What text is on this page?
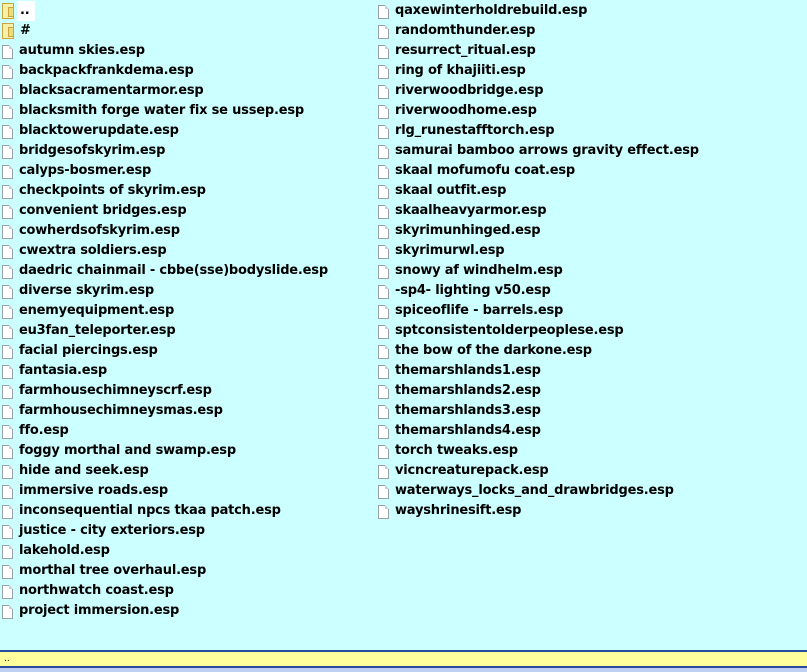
..
#
autumn skies.esp
backpackfrankdema.esp
blacksacramentarmor.esp
blacksmith forge water fix se ussep.esp
blacktowerupdate.esp
bridgesofskyrim.esp
calyps-bosmer.esp
checkpoints of skyrim.esp
convenient bridges.esp
cowherdsofskyrim.esp
cwextra soldiers.esp
daedric chainmail - cbbe(sse)bodyslide.esp
diverse skyrim.esp
enemyequipment.esp
eu3fan_teleporter.esp
facial piercings.esp
fantasia.esp
farmhousechimneyscrf.esp
farmhousechimneysmas.esp
ffo.esp
foggy morthal and swamp.esp
hide and seek.esp
immersive roads.esp
inconsequential npcs tkaa patch.esp
justice - city exteriors.esp
lakehold.esp
morthal tree overhaul.esp
northwatch coast.esp
project immersion.esp
qaxewinterholdrebuild.esp
randomthunder.esp
resurrect_ritual.esp
ring of khajiiti.esp
riverwoodbridge.esp
riverwoodhome.esp
rlg_runestafftorch.esp
samurai bamboo arrows gravity effect.esp
skaal mofumofu coat.esp
skaal outfit.esp
skaalheavyarmor.esp
skyrimunhinged.esp
skyrimurwl.esp
snowy af windhelm.esp
-sp4- lighting v50.esp
spiceoflife - barrels.esp
sptconsistentolderpeoplese.esp
the bow of the darkone.esp
themarshlands1.esp
themarshlands2.esp
themarshlands3.esp
themarshlands4.esp
torch tweaks.esp
vicncreaturepack.esp
waterways_locks_and_drawbridges.esp
wayshrinesift.esp
..
